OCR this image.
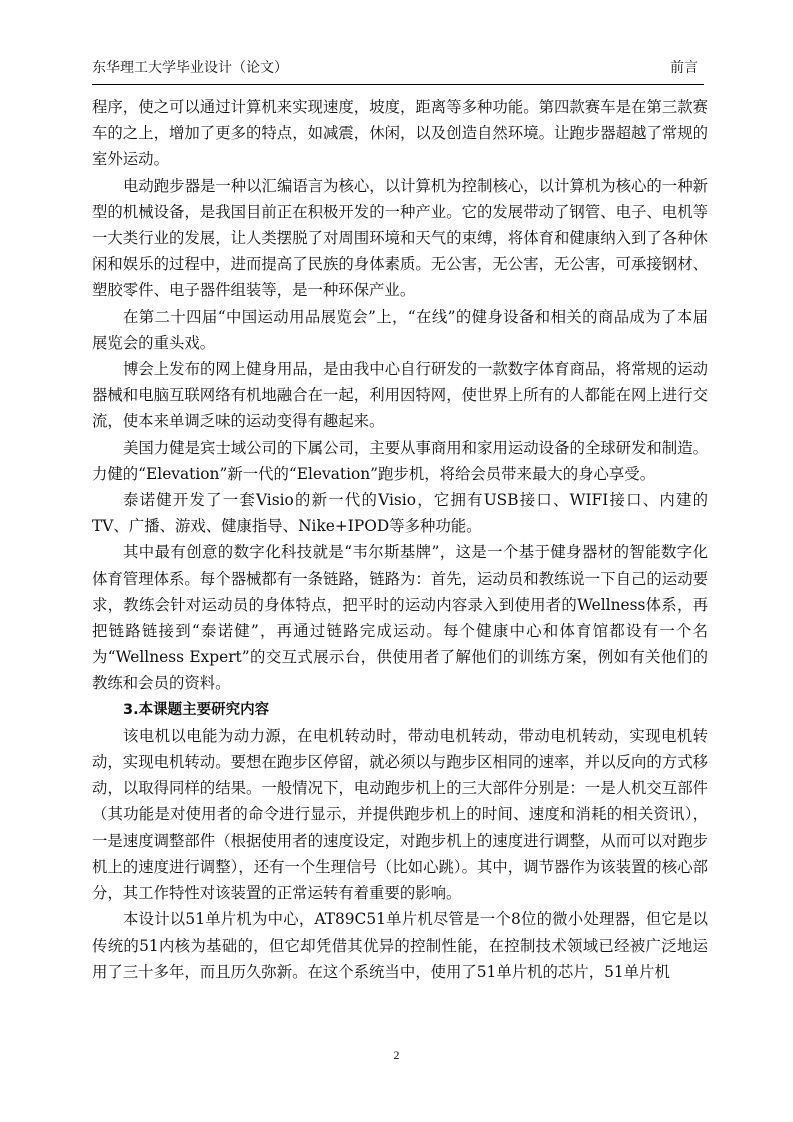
东华理工大学毕业设计（论文）	前言

程序，使之可以通过计算机来实现速度，坡度，距离等多种功能。第四款赛车是在第三款赛车的之上，增加了更多的特点，如减震，休闲，以及创造自然环境。让跑步器超越了常规的室外运动。

电动跑步器是一种以汇编语言为核心，以计算机为控制核心，以计算机为核心的一种新型的机械设备，是我国目前正在积极开发的一种产业。它的发展带动了钢管、电子、电机等一大类行业的发展，让人类摆脱了对周围环境和天气的束缚，将体育和健康纳入到了各种休闲和娱乐的过程中，进而提高了民族的身体素质。无公害，无公害，无公害，可承接钢材、塑胶零件、电子器件组装等，是一种环保产业。

在第二十四届“中国运动用品展览会”上，“在线”的健身设备和相关的商品成为了本届展览会的重头戏。

博会上发布的网上健身用品，是由我中心自行研发的一款数字体育商品，将常规的运动器械和电脑互联网络有机地融合在一起，利用因特网，使世界上所有的人都能在网上进行交流，使本来单调乏味的运动变得有趣起来。

美国力健是宾士域公司的下属公司，主要从事商用和家用运动设备的全球研发和制造。力健的“Elevation”新一代的“Elevation”跑步机，将给会员带来最大的身心享受。

泰诺健开发了一套Visio的新一代的Visio，它拥有USB接口、WIFI接口、内建的TV、广播、游戏、健康指导、Nike+IPOD等多种功能。

其中最有创意的数字化科技就是“韦尔斯基牌”，这是一个基于健身器材的智能数字化体育管理体系。每个器械都有一条链路，链路为：首先，运动员和教练说一下自己的运动要求，教练会针对运动员的身体特点，把平时的运动内容录入到使用者的Wellness体系，再把链路链接到“泰诺健”，再通过链路完成运动。每个健康中心和体育馆都设有一个名为“Wellness Expert”的交互式展示台，供使用者了解他们的训练方案，例如有关他们的教练和会员的资料。

3.本课题主要研究内容

该电机以电能为动力源，在电机转动时，带动电机转动，带动电机转动，实现电机转动，实现电机转动。要想在跑步区停留，就必须以与跑步区相同的速率，并以反向的方式移动，以取得同样的结果。一般情况下，电动跑步机上的三大部件分别是：一是人机交互部件（其功能是对使用者的命令进行显示，并提供跑步机上的时间、速度和消耗的相关资讯），一是速度调整部件（根据使用者的速度设定，对跑步机上的速度进行调整，从而可以对跑步机上的速度进行调整），还有一个生理信号（比如心跳）。其中，调节器作为该装置的核心部分，其工作特性对该装置的正常运转有着重要的影响。

本设计以51单片机为中心，AT89C51单片机尽管是一个8位的微小处理器，但它是以传统的51内核为基础的，但它却凭借其优异的控制性能，在控制技术领域已经被广泛地运用了三十多年，而且历久弥新。在这个系统当中，使用了51单片机的芯片，51单片机

2
